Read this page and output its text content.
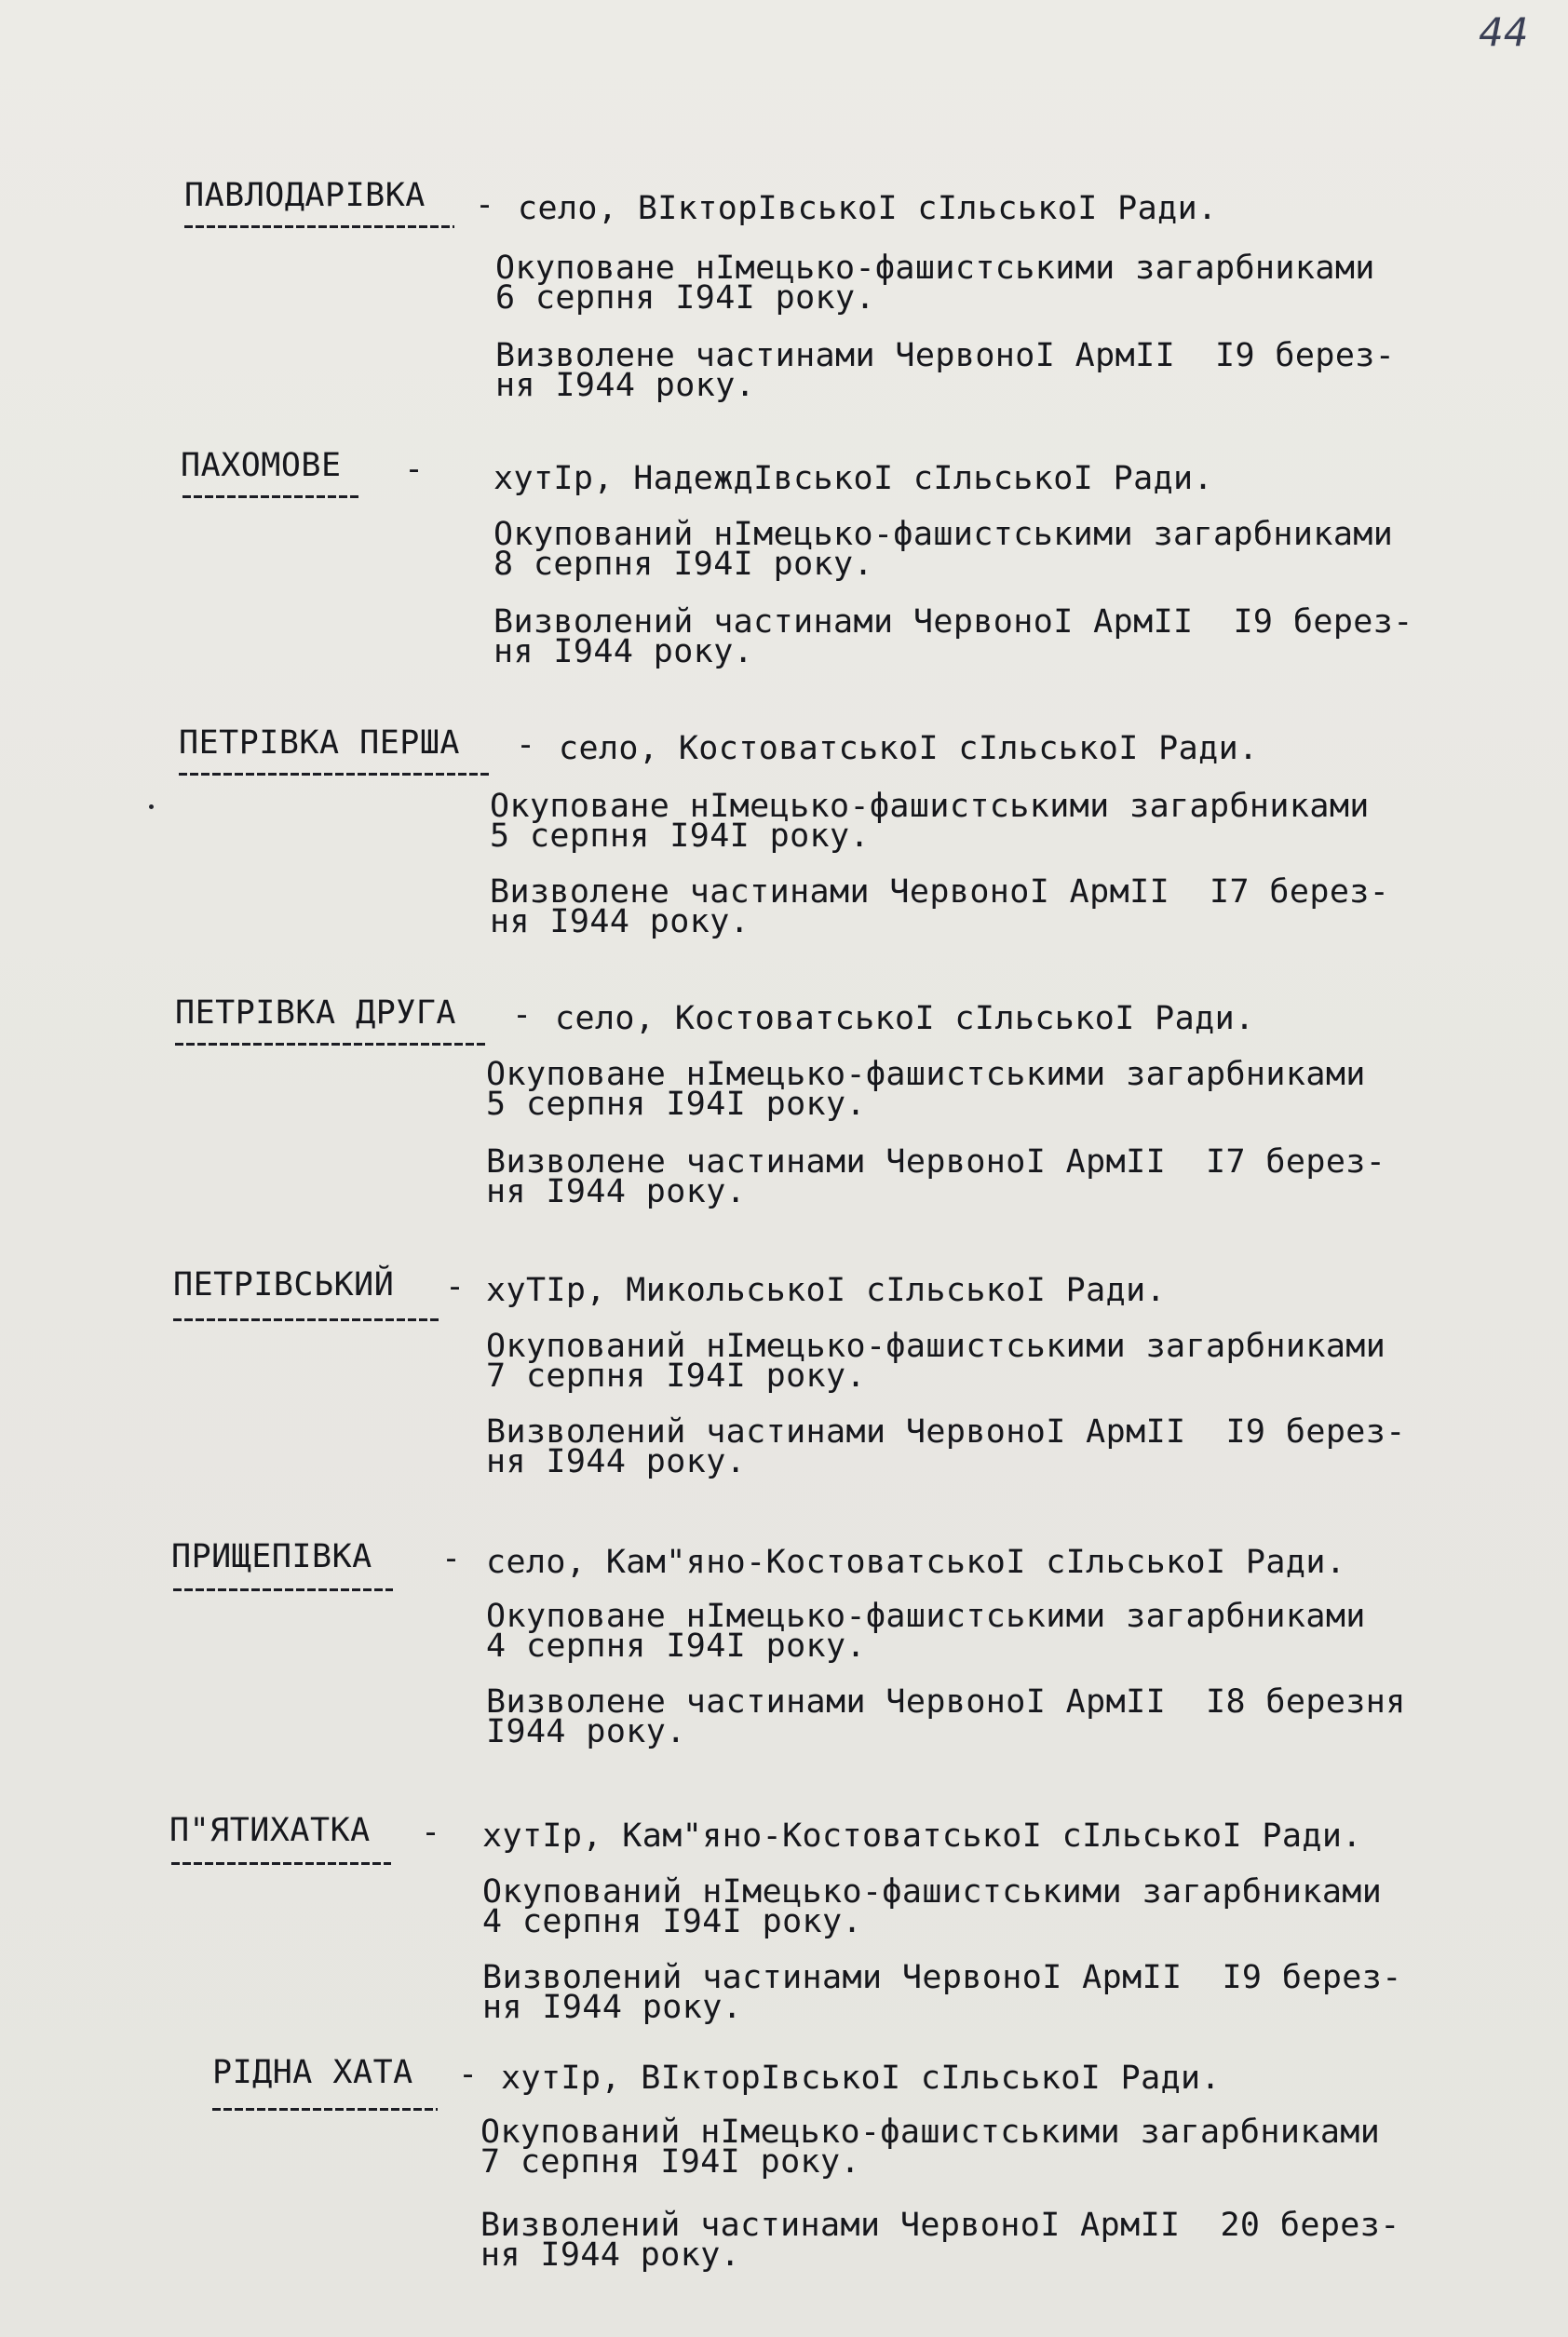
44
ПАВЛОДАРІВКА - село, ВІкторІвськоІ сІльськоІ Ради.
Окуповане нІмецько-фашистськими загарбниками
6 серпня І94І року.
Визволене частинами ЧервоноІ АрмІІ  І9 берез-
ня І944 року.
ПАХОМОВЕ - хутІр, НадеждІвськоІ сІльськоІ Ради.
Окупований нІмецько-фашистськими загарбниками
8 серпня І94І року.
Визволений частинами ЧервоноІ АрмІІ  І9 берез-
ня І944 року.
ПЕТРІВКА ПЕРША - село, КостоватськоІ сІльськоІ Ради.
Окуповане нІмецько-фашистськими загарбниками
5 серпня І94І року.
Визволене частинами ЧервоноІ АрмІІ  І7 берез-
ня І944 року.
ПЕТРІВКА ДРУГА - село, КостоватськоІ сІльськоІ Ради.
Окуповане нІмецько-фашистськими загарбниками
5 серпня І94І року.
Визволене частинами ЧервоноІ АрмІІ  І7 берез-
ня І944 року.
ПЕТРІВСЬКИЙ - хуТІр, МикольськоІ сІльськоІ Ради.
Окупований нІмецько-фашистськими загарбниками
7 серпня І94І року.
Визволений частинами ЧервоноІ АрмІІ  І9 берез-
ня І944 року.
ПРИЩЕПІВКА - село, Кам"яно-КостоватськоІ сІльськоІ Ради.
Окуповане нІмецько-фашистськими загарбниками
4 серпня І94І року.
Визволене частинами ЧервоноІ АрмІІ  І8 березня
І944 року.
П"ЯТИХАТКА - хутІр, Кам"яно-КостоватськоІ сІльськоІ Ради.
Окупований нІмецько-фашистськими загарбниками
4 серпня І94І року.
Визволений частинами ЧервоноІ АрмІІ  І9 берез-
ня І944 року.
РІДНА ХАТА - хутІр, ВІкторІвськоІ сІльськоІ Ради.
Окупований нІмецько-фашистськими загарбниками
7 серпня І94І року.
Визволений частинами ЧервоноІ АрмІІ  20 берез-
ня І944 року.
